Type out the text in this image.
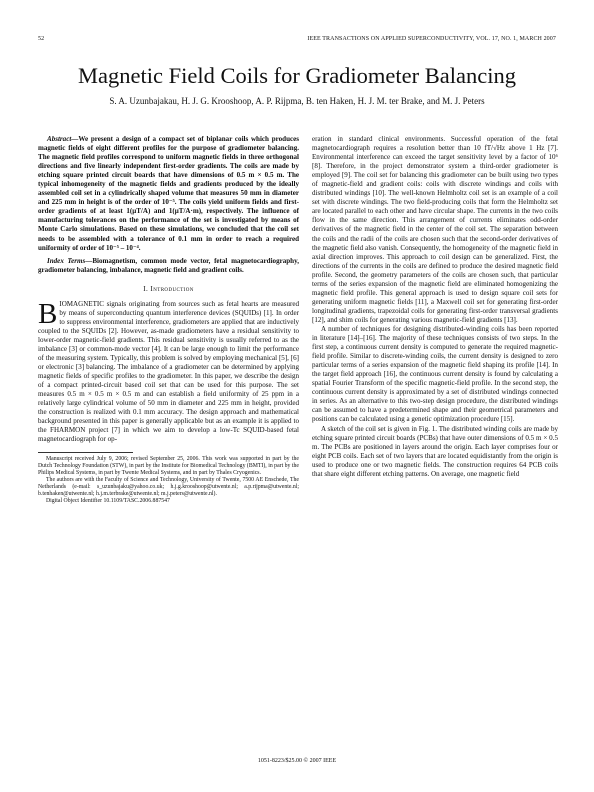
52	IEEE TRANSACTIONS ON APPLIED SUPERCONDUCTIVITY, VOL. 17, NO. 1, MARCH 2007
Magnetic Field Coils for Gradiometer Balancing
S. A. Uzunbajakau, H. J. G. Krooshoop, A. P. Rijpma, B. ten Haken, H. J. M. ter Brake, and M. J. Peters

Abstract—We present a design of a compact set of biplanar coils which produces magnetic fields of eight different profiles for the purpose of gradiometer balancing. The magnetic field profiles correspond to uniform magnetic fields in three orthogonal directions and five linearly independent first-order gradients. The coils are made by etching square printed circuit boards that have dimensions of 0.5 m × 0.5 m. The typical inhomogeneity of the magnetic fields and gradients produced by the ideally assembled coil set in a cylindrically shaped volume that measures 50 mm in diameter and 225 mm in height is of the order of 10⁻⁵. The coils yield uniform fields and first-order gradients of at least 1(μT/A) and 1(μT/A·m), respectively. The influence of manufacturing tolerances on the performance of the set is investigated by means of Monte Carlo simulations. Based on these simulations, we concluded that the coil set needs to be assembled with a tolerance of 0.1 mm in order to reach a required uniformity of order of 10⁻⁵ – 10⁻⁴.

Index Terms—Biomagnetism, common mode vector, fetal magnetocardiography, gradiometer balancing, imbalance, magnetic field and gradient coils.

I. Introduction

BIOMAGNETIC signals originating from sources such as fetal hearts are measured by means of superconducting quantum interference devices (SQUIDs) [1]. In order to suppress environmental interference, gradiometers are applied that are inductively coupled to the SQUIDs [2]. However, as-made gradiometers have a residual sensitivity to lower-order magnetic-field gradients. This residual sensitivity is usually referred to as the imbalance [3] or common-mode vector [4]. It can be large enough to limit the performance of the measuring system. Typically, this problem is solved by employing mechanical [5], [6] or electronic [3] balancing. The imbalance of a gradiometer can be determined by applying magnetic fields of specific profiles to the gradiometer. In this paper, we describe the design of a compact printed-circuit based coil set that can be used for this purpose. The set measures 0.5 m × 0.5 m × 0.5 m and can establish a field uniformity of 25 ppm in a relatively large cylindrical volume of 50 mm in diameter and 225 mm in height, provided the construction is realized with 0.1 mm accuracy. The design approach and mathematical background presented in this paper is generally applicable but as an example it is applied to the FHARMON project [7] in which we aim to develop a low-Tc SQUID-based fetal magnetocardiograph for op-

Manuscript received July 9, 2006; revised September 25, 2006. This work was supported in part by the Dutch Technology Foundation (STW), in part by the Institute for Biomedical Technology (BMTI), in part by the Philips Medical Systems, in part by Twente Medical Systems, and in part by Thales Cryogenics.

The authors are with the Faculty of Science and Technology, University of Twente, 7500 AE Enschede, The Netherlands (e-mail: s_uzunbajaku@yahoo.co.uk; h.j.g.krooshoop@utwente.nl; a.p.rijpma@utwente.nl; b.tenhaken@utwente.nl; h.j.m.terbrake@utwente.nl; m.j.peters@utwente.nl).

Digital Object Identifier 10.1109/TASC.2006.887547

eration in standard clinical environments. Successful operation of the fetal magnetocardiograph requires a resolution better than 10 fT/√Hz above 1 Hz [7]. Environmental interference can exceed the target sensitivity level by a factor of 10⁶ [8]. Therefore, in the project demonstrator system a third-order gradiometer is employed [9]. The coil set for balancing this gradiometer can be built using two types of magnetic-field and gradient coils: coils with discrete windings and coils with distributed windings [10]. The well-known Helmholtz coil set is an example of a coil set with discrete windings. The two field-producing coils that form the Helmholtz set are located parallel to each other and have circular shape. The currents in the two coils flow in the same direction. This arrangement of currents eliminates odd-order derivatives of the magnetic field in the center of the coil set. The separation between the coils and the radii of the coils are chosen such that the second-order derivatives of the magnetic field also vanish. Consequently, the homogeneity of the magnetic field in axial direction improves. This approach to coil design can be generalized. First, the directions of the currents in the coils are defined to produce the desired magnetic field profile. Second, the geometry parameters of the coils are chosen such, that particular terms of the series expansion of the magnetic field are eliminated homogenizing the magnetic field profile. This general approach is used to design square coil sets for generating uniform magnetic fields [11], a Maxwell coil set for generating first-order longitudinal gradients, trapezoidal coils for generating first-order transversal gradients [12], and shim coils for generating various magnetic-field gradients [13].

A number of techniques for designing distributed-winding coils has been reported in literature [14]–[16]. The majority of these techniques consists of two steps. In the first step, a continuous current density is computed to generate the required magnetic-field profile. Similar to discrete-winding coils, the current density is designed to zero particular terms of a series expansion of the magnetic field shaping its profile [14]. In the target field approach [16], the continuous current density is found by calculating a spatial Fourier Transform of the specific magnetic-field profile. In the second step, the continuous current density is approximated by a set of distributed windings connected in series. As an alternative to this two-step design procedure, the distributed windings can be assumed to have a predetermined shape and their geometrical parameters and positions can be calculated using a genetic optimization procedure [15].

A sketch of the coil set is given in Fig. 1. The distributed winding coils are made by etching square printed circuit boards (PCBs) that have outer dimensions of 0.5 m × 0.5 m. The PCBs are positioned in layers around the origin. Each layer comprises four or eight PCB coils. Each set of two layers that are located equidistantly from the origin is used to produce one or two magnetic fields. The construction requires 64 PCB coils that share eight different etching patterns. On average, one magnetic field

1051-8223/$25.00 © 2007 IEEE
